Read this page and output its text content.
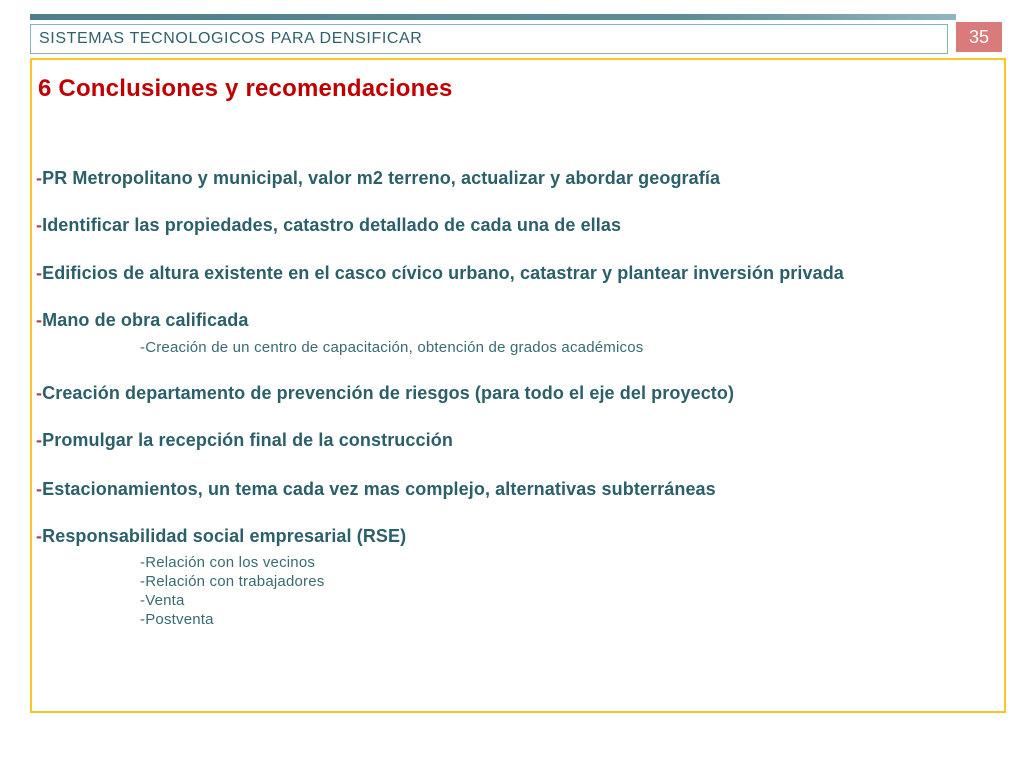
SISTEMAS TECNOLOGICOS PARA DENSIFICAR	35
6 Conclusiones y recomendaciones
-PR Metropolitano y municipal, valor m2 terreno, actualizar y abordar geografía
-Identificar las propiedades, catastro detallado de cada una de ellas
-Edificios de altura existente en el casco cívico urbano, catastrar y plantear inversión privada
-Mano de obra calificada
-Creación de un centro de capacitación, obtención de grados académicos
-Creación departamento de prevención de riesgos (para todo el eje del proyecto)
-Promulgar la recepción final de la construcción
-Estacionamientos, un tema cada vez mas complejo, alternativas subterráneas
-Responsabilidad social empresarial (RSE)
-Relación con los vecinos
-Relación con trabajadores
-Venta
-Postventa
